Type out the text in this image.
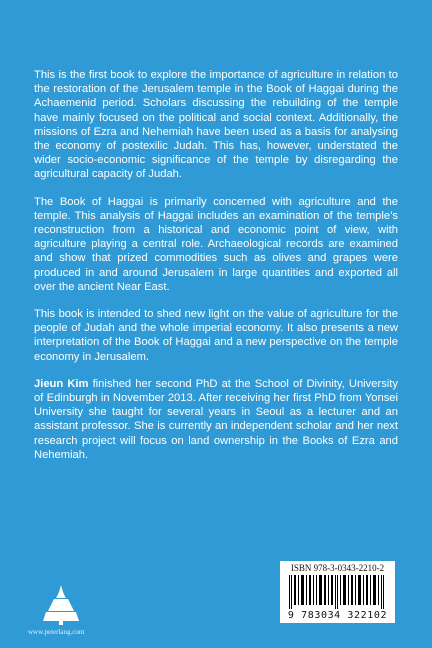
This is the first book to explore the importance of agriculture in relation to the restoration of the Jerusalem temple in the Book of Haggai during the Achaemenid period. Scholars discussing the rebuilding of the temple have mainly focused on the political and social context. Additionally, the missions of Ezra and Nehemiah have been used as a basis for analysing the economy of postexilic Judah. This has, however, understated the wider socio-economic significance of the temple by disregarding the agricultural capacity of Judah.

The Book of Haggai is primarily concerned with agriculture and the temple. This analysis of Haggai includes an examination of the temple’s reconstruction from a historical and economic point of view, with agriculture playing a central role. Archaeological records are examined and show that prized commodities such as olives and grapes were produced in and around Jerusalem in large quantities and exported all over the ancient Near East.

This book is intended to shed new light on the value of agriculture for the people of Judah and the whole imperial economy. It also presents a new interpretation of the Book of Haggai and a new perspective on the temple economy in Jerusalem.

Jieun Kim finished her second PhD at the School of Divinity, University of Edinburgh in November 2013. After receiving her first PhD from Yonsei University she taught for several years in Seoul as a lecturer and an assistant professor. She is currently an independent scholar and her next research project will focus on land ownership in the Books of Ezra and Nehemiah.

www.peterlang.com
ISBN 978-3-0343-2210-2
9 783034 322102
